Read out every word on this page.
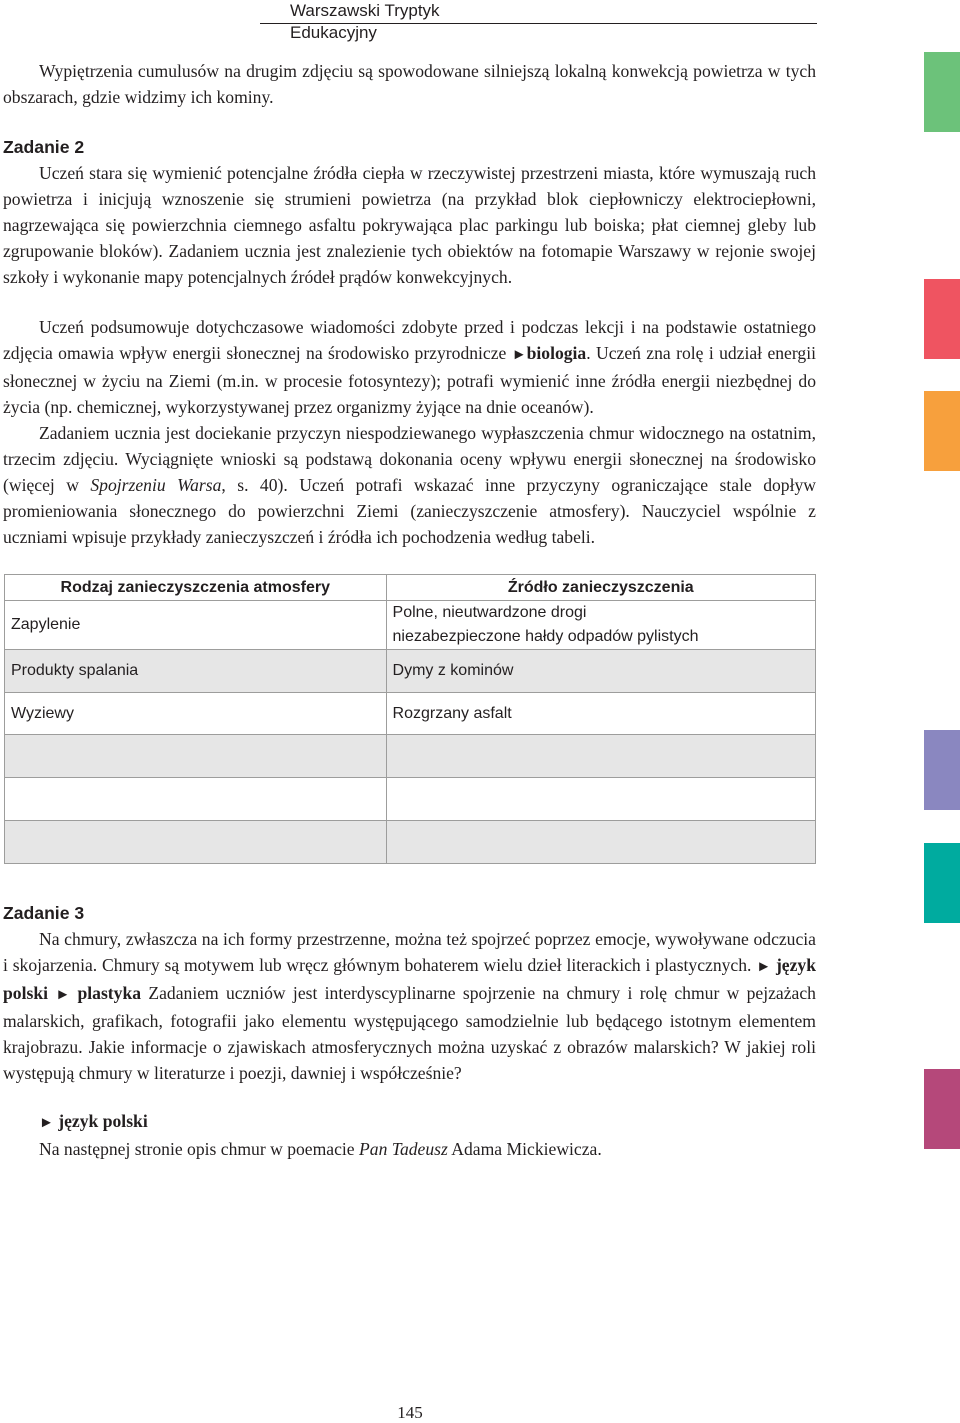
Warszawski Tryptyk Edukacyjny

Wypiętrzenia cumulusów na drugim zdjęciu są spowodowane silniejszą lokalną konwekcją powietrza w tych obszarach, gdzie widzimy ich kominy.

Zadanie 2

Uczeń stara się wymienić potencjalne źródła ciepła w rzeczywistej przestrzeni miasta, które wymuszają ruch powietrza i inicjują wznoszenie się strumieni powietrza (na przykład blok ciepłowniczy elektrociepłowni, nagrzewająca się powierzchnia ciemnego asfaltu pokrywająca plac parkingu lub boiska; płat ciemnej gleby lub zgrupowanie bloków). Zadaniem ucznia jest znalezienie tych obiektów na fotomapie Warszawy w rejonie swojej szkoły i wykonanie mapy potencjalnych źródeł prądów konwekcyjnych.

Uczeń podsumowuje dotychczasowe wiadomości zdobyte przed i podczas lekcji i na podstawie ostatniego zdjęcia omawia wpływ energii słonecznej na środowisko przyrodnicze ►biologia. Uczeń zna rolę i udział energii słonecznej w życiu na Ziemi (m.in. w procesie fotosyntezy); potrafi wymienić inne źródła energii niezbędnej do życia (np. chemicznej, wykorzystywanej przez organizmy żyjące na dnie oceanów).

Zadaniem ucznia jest dociekanie przyczyn niespodziewanego wypłaszczenia chmur widocznego na ostatnim, trzecim zdjęciu. Wyciągnięte wnioski są podstawą dokonania oceny wpływu energii słonecznej na środowisko (więcej w Spojrzeniu Warsa, s. 40). Uczeń potrafi wskazać inne przyczyny ograniczające stale dopływ promieniowania słonecznego do powierzchni Ziemi (zanieczyszczenie atmosfery). Nauczyciel wspólnie z uczniami wpisuje przykłady zanieczyszczeń i źródła ich pochodzenia według tabeli.

Rodzaj zanieczyszczenia atmosfery	Źródło zanieczyszczenia
Zapylenie	Polne, nieutwardzone drogi
niezabezpieczone hałdy odpadów pylistych

Produkty spalania	Dymy z kominów
Wyziewy	Rozgrzany asfalt

Zadanie 3

Na chmury, zwłaszcza na ich formy przestrzenne, można też spojrzeć poprzez emocje, wywoływane odczucia i skojarzenia. Chmury są motywem lub wręcz głównym bohaterem wielu dzieł literackich i plastycznych. ► język polski ► plastyka Zadaniem uczniów jest interdyscyplinarne spojrzenie na chmury i rolę chmur w pejzażach malarskich, grafikach, fotografii jako elementu występującego samodzielnie lub będącego istotnym elementem krajobrazu. Jakie informacje o zjawiskach atmosferycznych można uzyskać z obrazów malarskich? W jakiej roli występują chmury w literaturze i poezji, dawniej i współcześnie?

► język polski

Na następnej stronie opis chmur w poemacie Pan Tadeusz Adama Mickiewicza.

145
